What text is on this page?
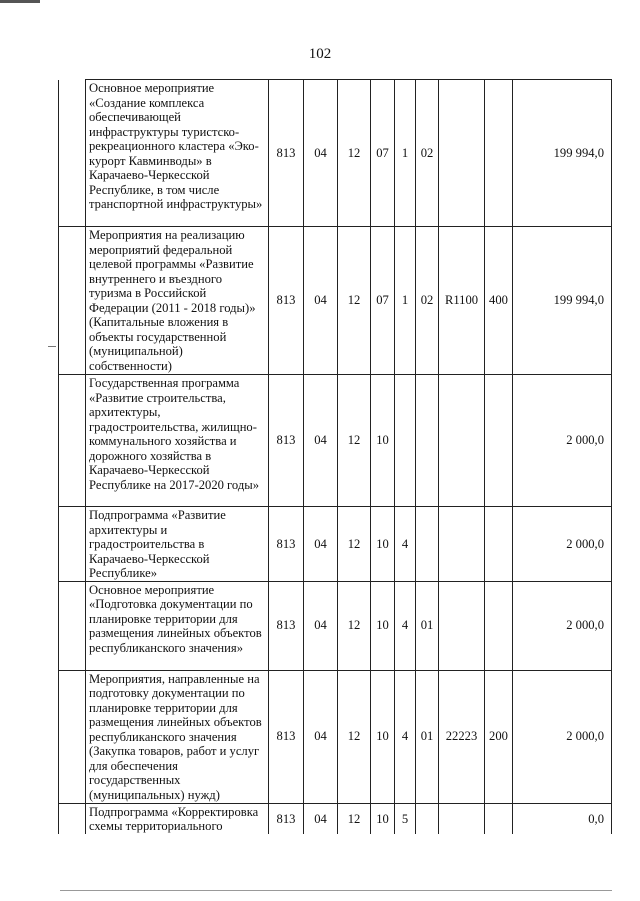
102
	Основное мероприятие «Создание комплекса обеспечивающей инфраструктуры туристско-рекреационного кластера «Эко-курорт Кавминводы» в Карачаево-Черкесской Республике, в том числе транспортной инфраструктуры»	813	04	12	07	1	02			199 994,0
	Мероприятия на реализацию мероприятий федеральной целевой программы «Развитие внутреннего и въездного туризма в Российской Федерации (2011 - 2018 годы)» (Капитальные вложения в объекты государственной (муниципальной) собственности)	813	04	12	07	1	02	R1100	400	199 994,0
	Государственная программа «Развитие строительства, архитектуры, градостроительства, жилищно-коммунального хозяйства и дорожного хозяйства в Карачаево-Черкесской Республике на 2017-2020 годы»	813	04	12	10					2 000,0
	Подпрограмма «Развитие архитектуры и градостроительства в Карачаево-Черкесской Республике»	813	04	12	10	4				2 000,0
	Основное мероприятие «Подготовка документации по планировке территории для размещения линейных объектов республиканского значения»	813	04	12	10	4	01			2 000,0
	Мероприятия, направленные на подготовку документации по планировке территории для размещения линейных объектов республиканского значения (Закупка товаров, работ и услуг для обеспечения государственных (муниципальных) нужд)	813	04	12	10	4	01	22223	200	2 000,0
	Подпрограмма «Корректировка схемы территориального	813	04	12	10	5				0,0
